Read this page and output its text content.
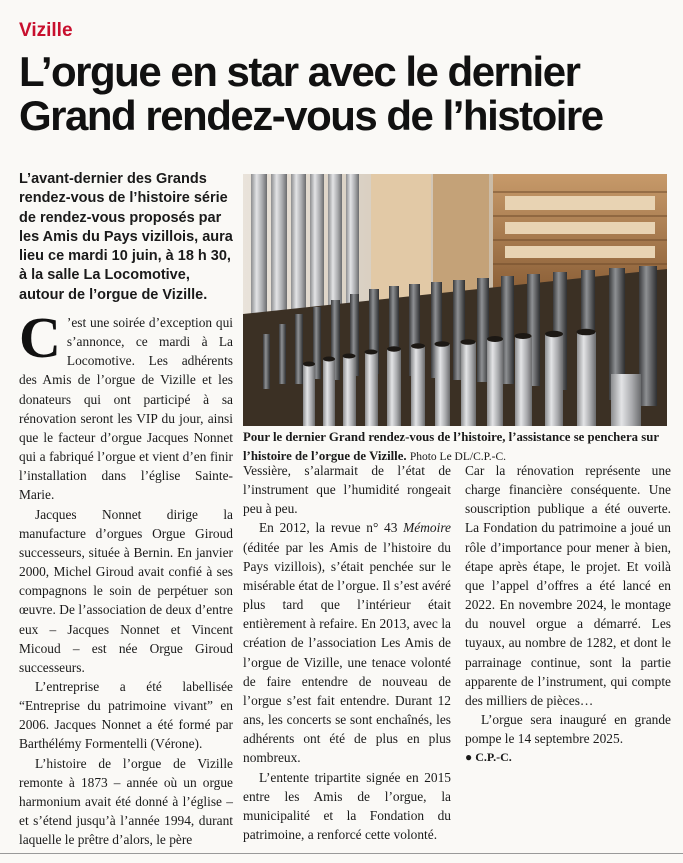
Vizille
L’orgue en star avec le dernier Grand rendez-vous de l’histoire

L’avant-dernier des Grands rendez-vous de l’histoire série de rendez-vous proposés par les Amis du Pays vizillois, aura lieu ce mardi 10 juin, à 18 h 30, à la salle La Locomotive, autour de l’orgue de Vizille.

Pour le dernier Grand rendez-vous de l’histoire, l’assistance se penchera sur l’histoire de l’orgue de Vizille. Photo Le DL/C.P.-C.

C ’est une soirée d’exception qui s’annonce, ce mardi à La Locomotive. Les adhérents des Amis de l’orgue de Vizille et les donateurs qui ont participé à sa rénovation seront les VIP du jour, ainsi que le facteur d’orgue Jacques Nonnet qui a fabriqué l’orgue et vient d’en finir l’installation dans l’église Sainte-Marie.

Jacques Nonnet dirige la manufacture d’orgues Orgue Giroud successeurs, située à Bernin. En janvier 2000, Michel Giroud avait confié à ses compagnons le soin de perpétuer son œuvre. De l’association de deux d’entre eux – Jacques Nonnet et Vincent Micoud – est née Orgue Giroud successeurs.

L’entreprise a été labellisée “Entreprise du patrimoine vivant” en 2006. Jacques Nonnet a été formé par Barthélémy Formentelli (Vérone).

L’histoire de l’orgue de Vizille remonte à 1873 – année où un orgue harmonium avait été donné à l’église – et s’étend jusqu’à l’année 1994, durant laquelle le prêtre d’alors, le père

Vessière, s’alarmait de l’état de l’instrument que l’humidité rongeait peu à peu.

En 2012, la revue n° 43 Mémoire (éditée par les Amis de l’histoire du Pays vizillois), s’était penchée sur le misérable état de l’orgue. Il s’est avéré plus tard que l’intérieur était entièrement à refaire. En 2013, avec la création de l’association Les Amis de l’orgue de Vizille, une tenace volonté de faire entendre de nouveau de l’orgue s’est fait entendre. Durant 12 ans, les concerts se sont enchaînés, les adhérents ont été de plus en plus nombreux.

L’entente tripartite signée en 2015 entre les Amis de l’orgue, la municipalité et la Fondation du patrimoine, a renforcé cette volonté.

Car la rénovation représente une charge financière conséquente. Une souscription publique a été ouverte. La Fondation du patrimoine a joué un rôle d’importance pour mener à bien, étape après étape, le projet. Et voilà que l’appel d’offres a été lancé en 2022. En novembre 2024, le montage du nouvel orgue a démarré. Les tuyaux, au nombre de 1282, et dont le parrainage continue, sont la partie apparente de l’instrument, qui compte des milliers de pièces…

L’orgue sera inauguré en grande pompe le 14 septembre 2025.

● C.P.-C.
